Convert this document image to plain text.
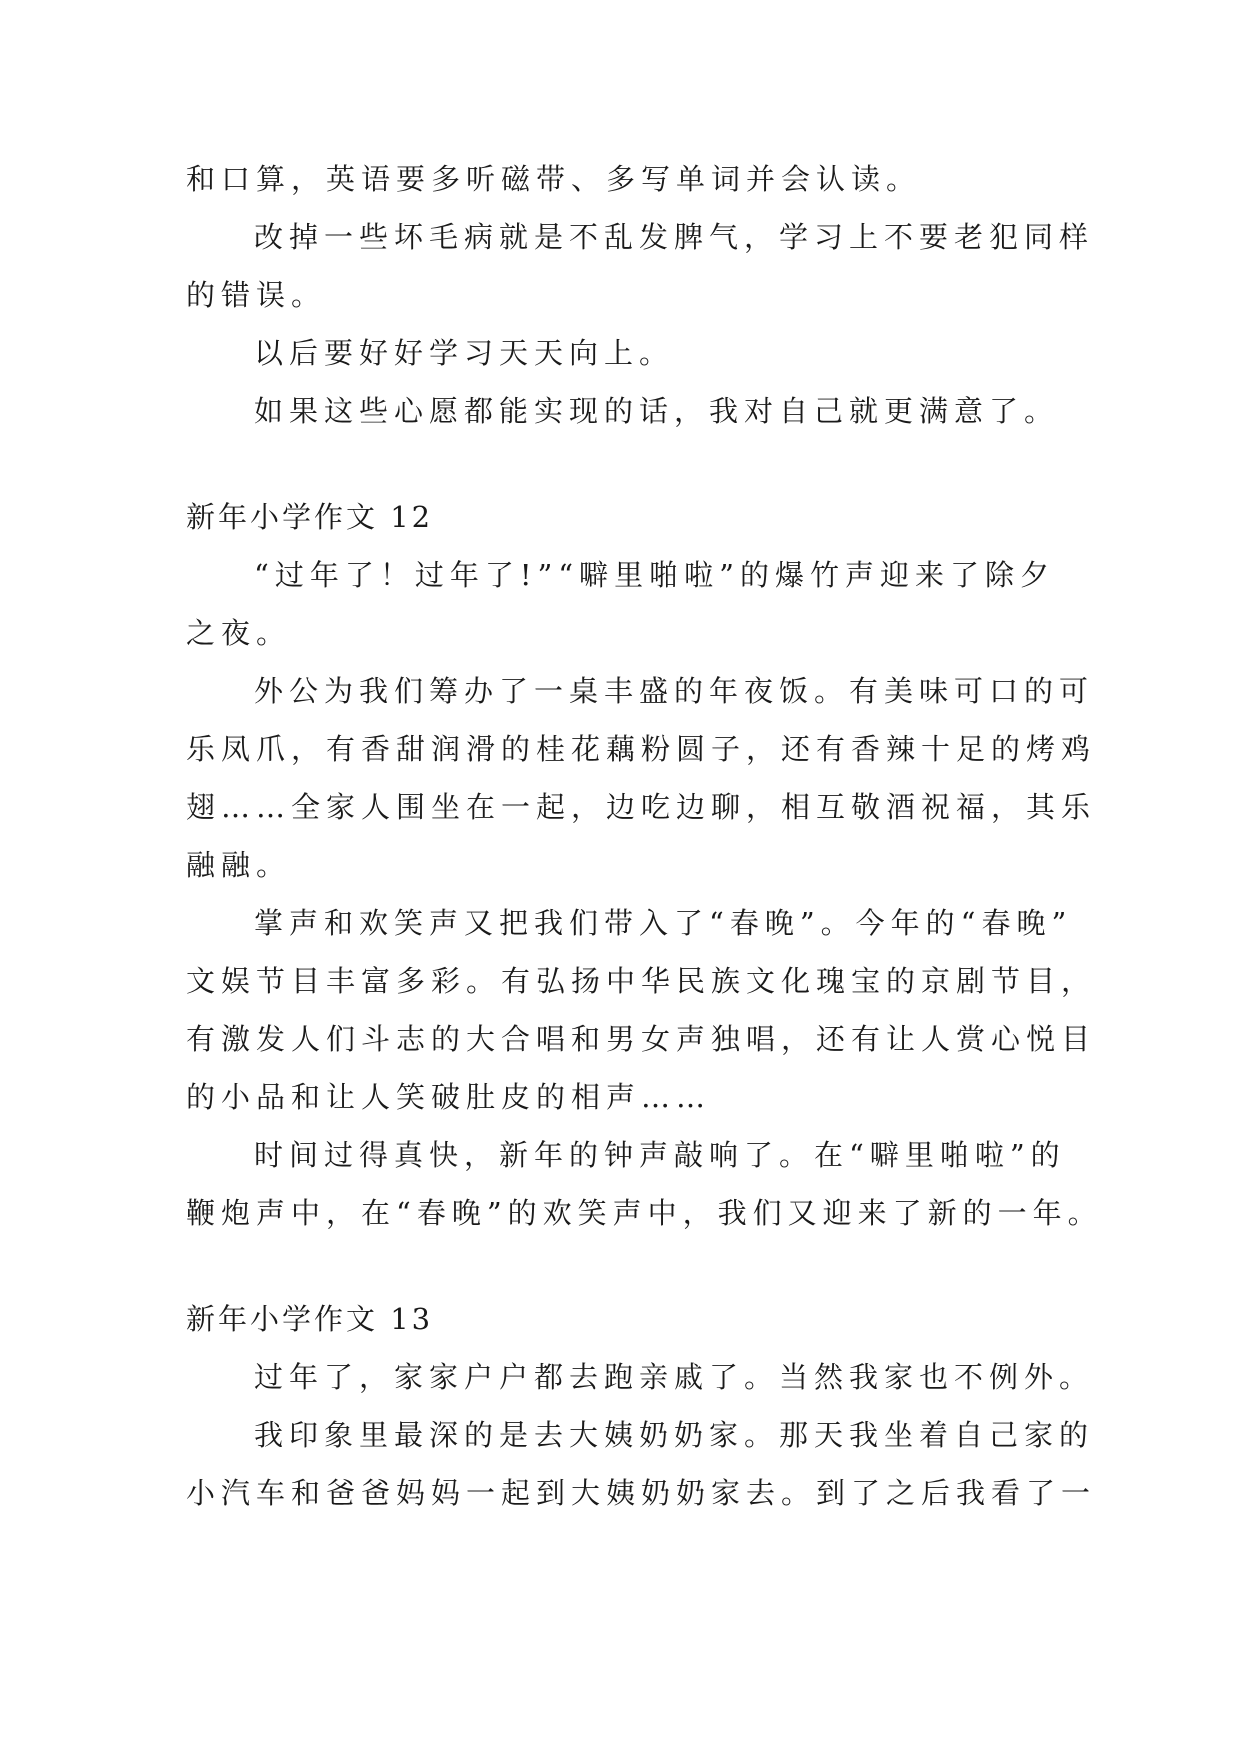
和口算，英语要多听磁带、多写单词并会认读。
改掉一些坏毛病就是不乱发脾气，学习上不要老犯同样
的错误。
以后要好好学习天天向上。
如果这些心愿都能实现的话，我对自己就更满意了。
新年小学作文 12
“过年了！过年了!”“噼里啪啦”的爆竹声迎来了除夕
之夜。
外公为我们筹办了一桌丰盛的年夜饭。有美味可口的可
乐凤爪，有香甜润滑的桂花藕粉圆子，还有香辣十足的烤鸡
翅……全家人围坐在一起，边吃边聊，相互敬酒祝福，其乐
融融。
掌声和欢笑声又把我们带入了“春晚”。今年的“春晚”
文娱节目丰富多彩。有弘扬中华民族文化瑰宝的京剧节目，
有激发人们斗志的大合唱和男女声独唱，还有让人赏心悦目
的小品和让人笑破肚皮的相声……
时间过得真快，新年的钟声敲响了。在“噼里啪啦”的
鞭炮声中，在“春晚”的欢笑声中，我们又迎来了新的一年。
新年小学作文 13
过年了，家家户户都去跑亲戚了。当然我家也不例外。
我印象里最深的是去大姨奶奶家。那天我坐着自己家的
小汽车和爸爸妈妈一起到大姨奶奶家去。到了之后我看了一
